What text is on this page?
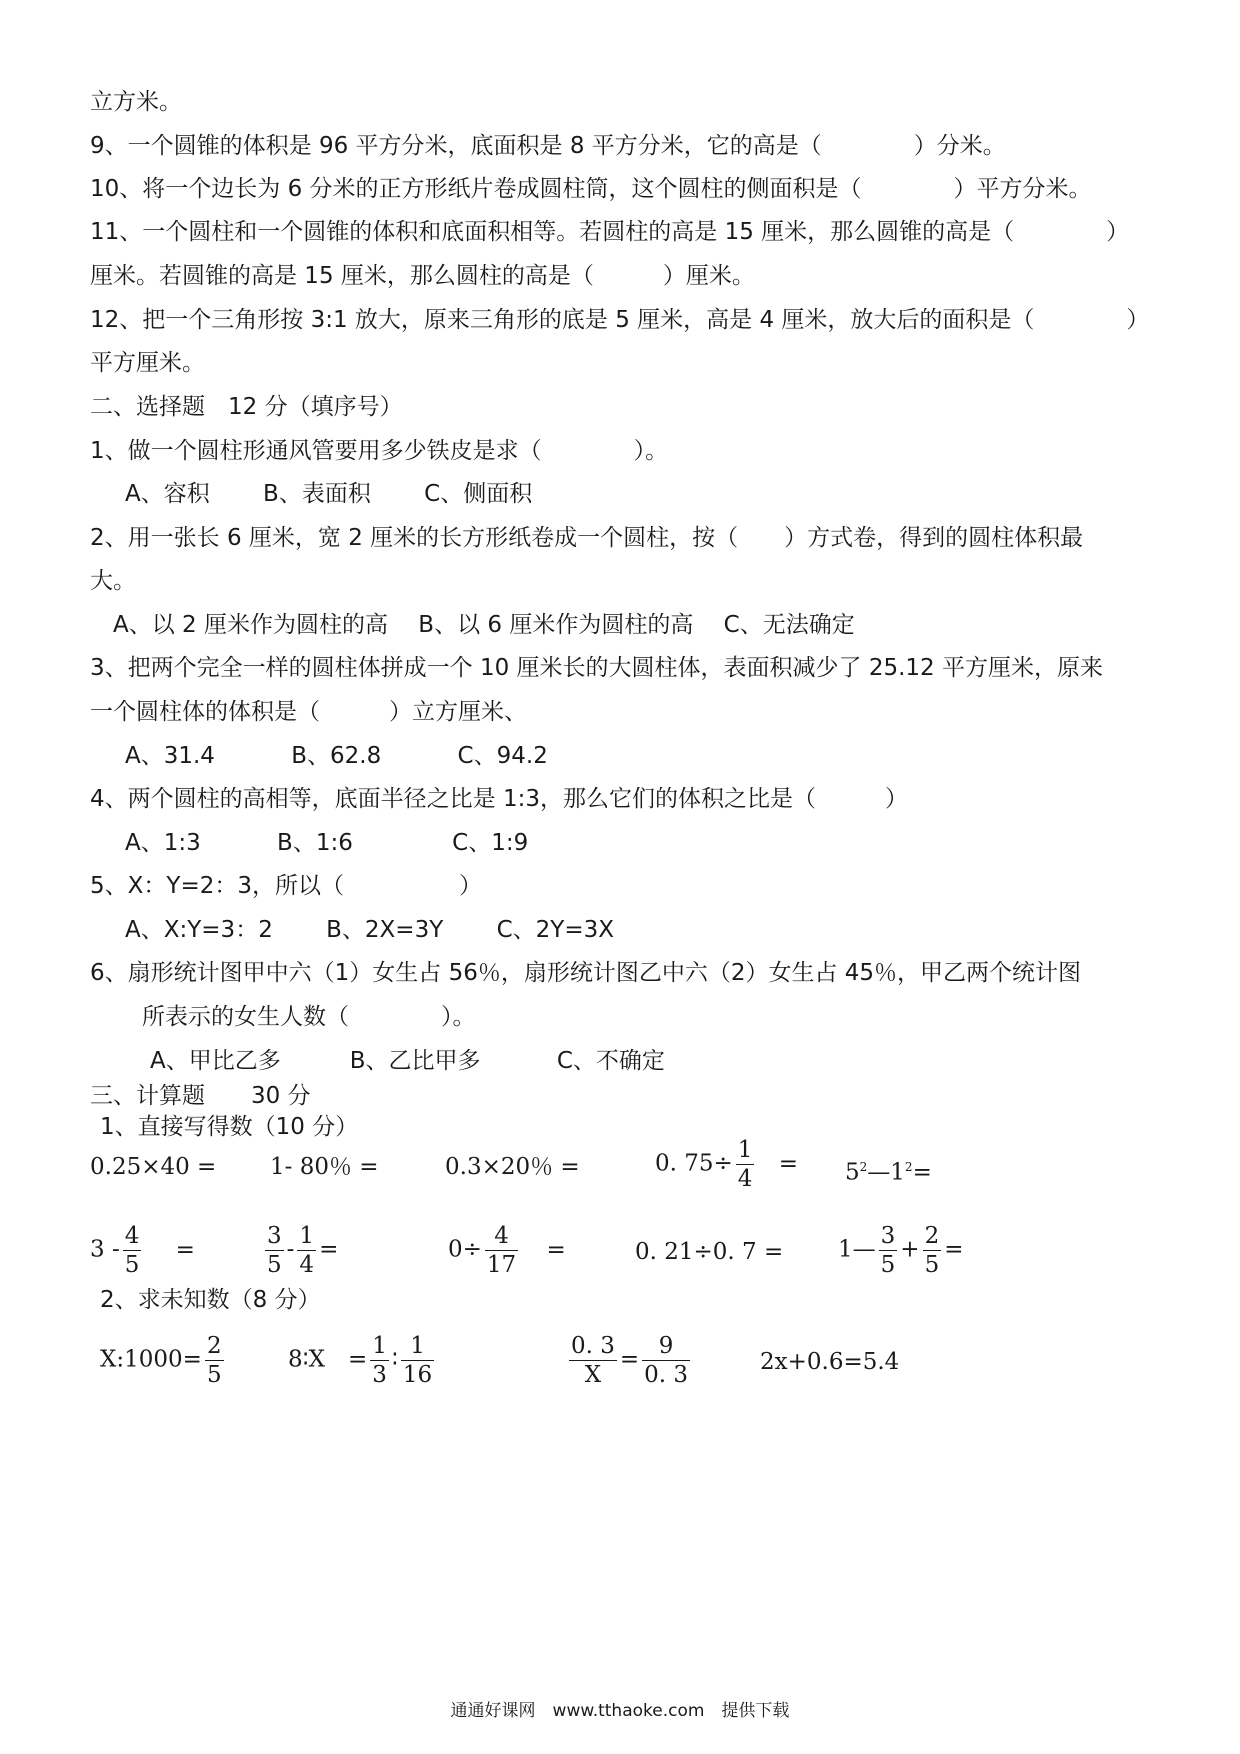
立方米。
9、一个圆锥的体积是 96 平方分米，底面积是 8 平方分米，它的高是（　　　　）分米。
10、将一个边长为 6 分米的正方形纸片卷成圆柱筒，这个圆柱的侧面积是（　　　　）平方分米。
11、一个圆柱和一个圆锥的体积和底面积相等。若圆柱的高是 15 厘米，那么圆锥的高是（　　　　）
厘米。若圆锥的高是 15 厘米，那么圆柱的高是（　　　）厘米。
12、把一个三角形按 3:1 放大，原来三角形的底是 5 厘米，高是 4 厘米，放大后的面积是（　　　　）
平方厘米。
二、选择题　12 分（填序号）
1、做一个圆柱形通风管要用多少铁皮是求（　　　　）。
A、容积　　 B、表面积　　 C、侧面积
2、用一张长 6 厘米，宽 2 厘米的长方形纸卷成一个圆柱，按（　　）方式卷，得到的圆柱体积最
大。
A、以 2 厘米作为圆柱的高　 B、以 6 厘米作为圆柱的高　 C、无法确定
3、把两个完全一样的圆柱体拼成一个 10 厘米长的大圆柱体，表面积减少了 25.12 平方厘米，原来
一个圆柱体的体积是（　　　）立方厘米、
A、31.4　　　 B、62.8　　　 C、94.2
4、两个圆柱的高相等，底面半径之比是 1:3，那么它们的体积之比是（　　　）
A、1:3　　　 B、1:6　　　　 C、1:9
5、X：Y=2：3，所以（　　　　　）
A、X:Y=3：2　　 B、2X=3Y　　 C、2Y=3X
6、扇形统计图甲中六（1）女生占 56％，扇形统计图乙中六（2）女生占 45％，甲乙两个统计图
所表示的女生人数（　　　　）。
A、甲比乙多　　　B、乙比甲多　　　 C、不确定
三、计算题　　30 分
1、直接写得数（10 分）
0.25×40 = 1- 80％ =	0.3×20％ =	0. $75\div \frac{1}{4}$ = $5^2—1^2=$
$3 - \frac{4}{5}$ =	$\frac{3}{5} - \frac{1}{4}$ =	$0\div \frac{4}{17}$ =	0. 21÷0. 7 = 1— $\frac{3}{5} + \frac{2}{5}$ =
2、求未知数（8 分）
X:1000= $\frac{2}{5}$	8∶X　= $\frac{1}{3}$ ∶ $\frac{1}{16}$	$\frac{0. 3}{X} = \frac{9}{0. 3}$	2x+0.6=5.4
通通好课网　www.tthaoke.com　提供下载
